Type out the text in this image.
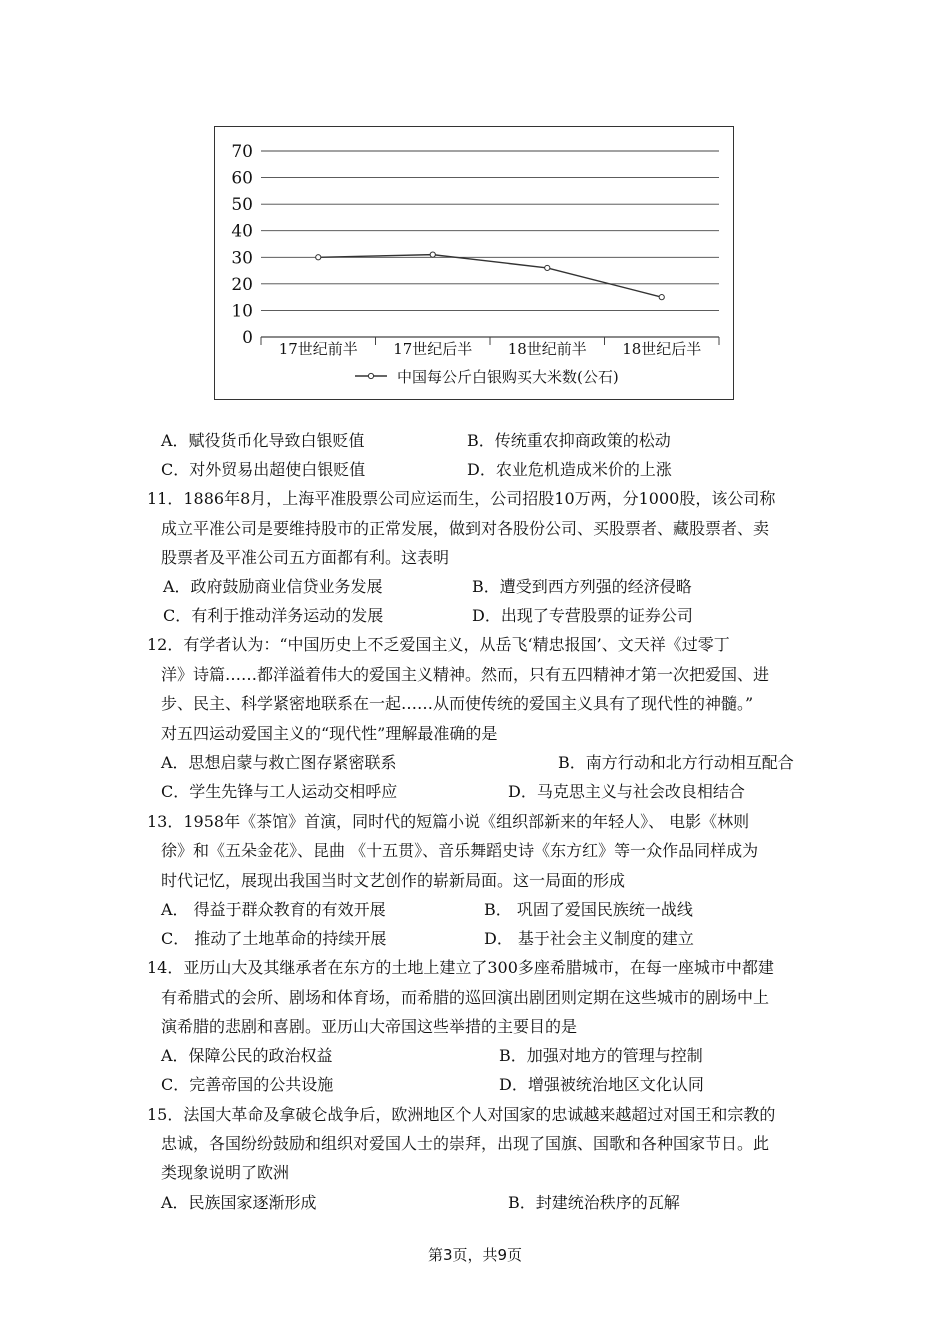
70
60
50
40
30
20
10
0
17世纪前半 17世纪后半 18世纪前半 18世纪后半
中国每公斤白银购买大米数(公石)
A．赋役货币化导致白银贬值	B．传统重农抑商政策的松动
C．对外贸易出超使白银贬值	D．农业危机造成米价的上涨
11．1886年8月，上海平准股票公司应运而生，公司招股10万两，分1000股，该公司称
成立平准公司是要维持股市的正常发展，做到对各股份公司、买股票者、藏股票者、卖
股票者及平准公司五方面都有利。这表明
A．政府鼓励商业信贷业务发展	B．遭受到西方列强的经济侵略
C．有利于推动洋务运动的发展	D．出现了专营股票的证券公司
12．有学者认为：“中国历史上不乏爱国主义，从岳飞‘精忠报国’、文天祥《过零丁
洋》诗篇……都洋溢着伟大的爱国主义精神。然而，只有五四精神才第一次把爱国、进
步、民主、科学紧密地联系在一起……从而使传统的爱国主义具有了现代性的神髓。”
对五四运动爱国主义的“现代性”理解最准确的是
A．思想启蒙与救亡图存紧密联系	B．南方行动和北方行动相互配合
C．学生先锋与工人运动交相呼应	D．马克思主义与社会改良相结合
13．1958年《茶馆》首演，同时代的短篇小说《组织部新来的年轻人》、 电影《林则
徐》和《五朵金花》、昆曲 《十五贯》、音乐舞蹈史诗《东方红》等一众作品同样成为
时代记忆，展现出我国当时文艺创作的崭新局面。这一局面的形成
A． 得益于群众教育的有效开展	B． 巩固了爱国民族统一战线
C． 推动了土地革命的持续开展	D． 基于社会主义制度的建立
14．亚历山大及其继承者在东方的土地上建立了300多座希腊城市，在每一座城市中都建
有希腊式的会所、剧场和体育场，而希腊的巡回演出剧团则定期在这些城市的剧场中上
演希腊的悲剧和喜剧。亚历山大帝国这些举措的主要目的是
A．保障公民的政治权益	B．加强对地方的管理与控制
C．完善帝国的公共设施	D．增强被统治地区文化认同
15．法国大革命及拿破仑战争后，欧洲地区个人对国家的忠诚越来越超过对国王和宗教的
忠诚，各国纷纷鼓励和组织对爱国人士的崇拜，出现了国旗、国歌和各种国家节日。此
类现象说明了欧洲
A．民族国家逐渐形成	B．封建统治秩序的瓦解
第3页，共9页
